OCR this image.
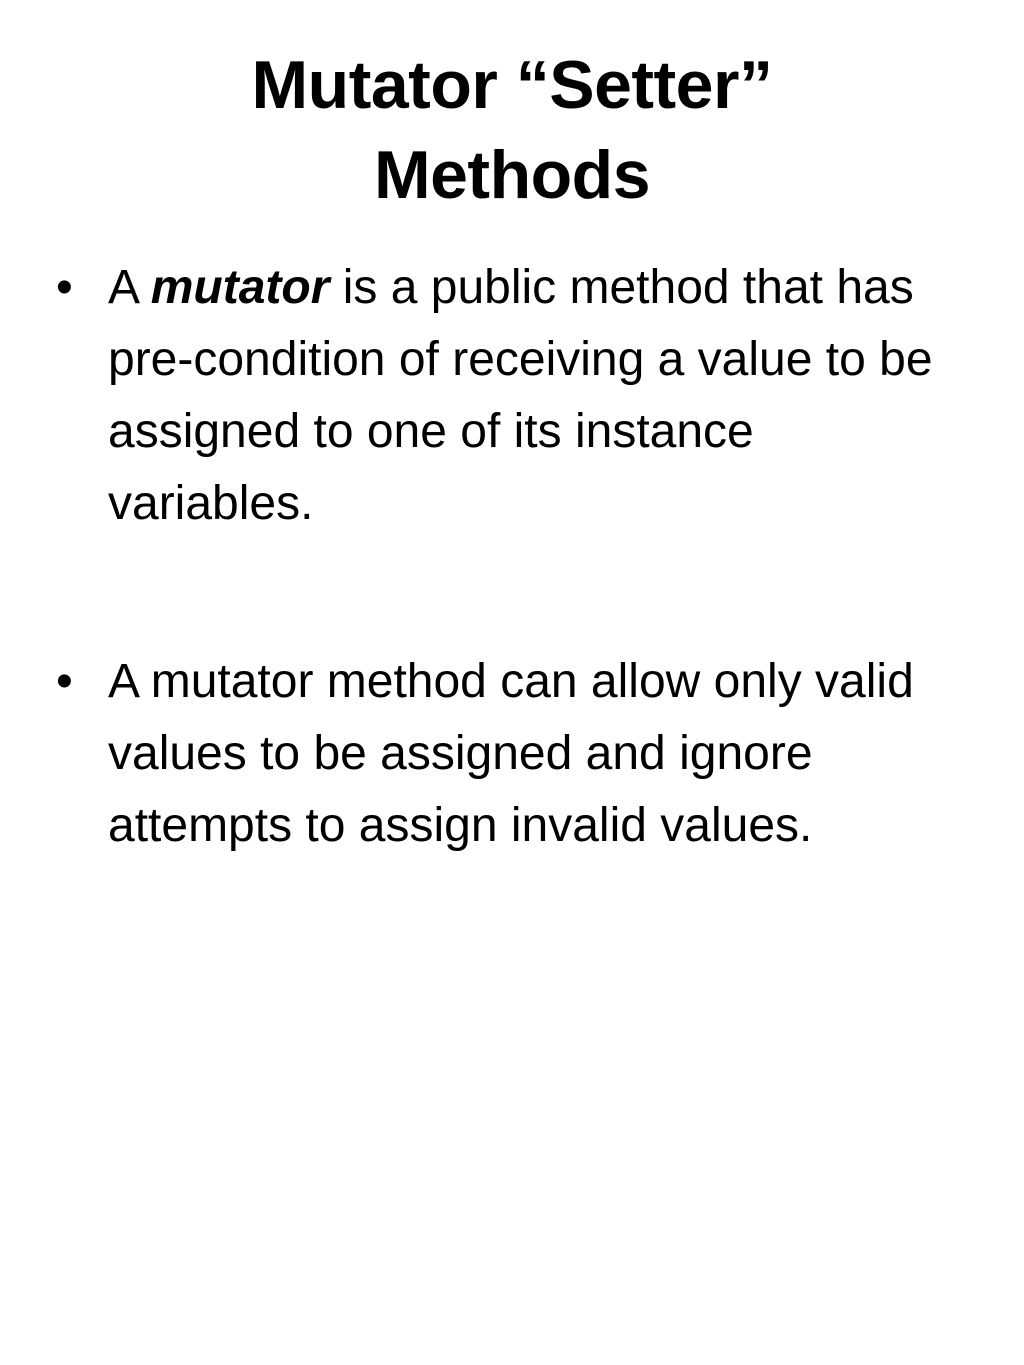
Mutator “Setter”
Methods
• A mutator is a public method that has pre-condition of receiving a value to be assigned to one of its instance variables.
• A mutator method can allow only valid values to be assigned and ignore attempts to assign invalid values.
